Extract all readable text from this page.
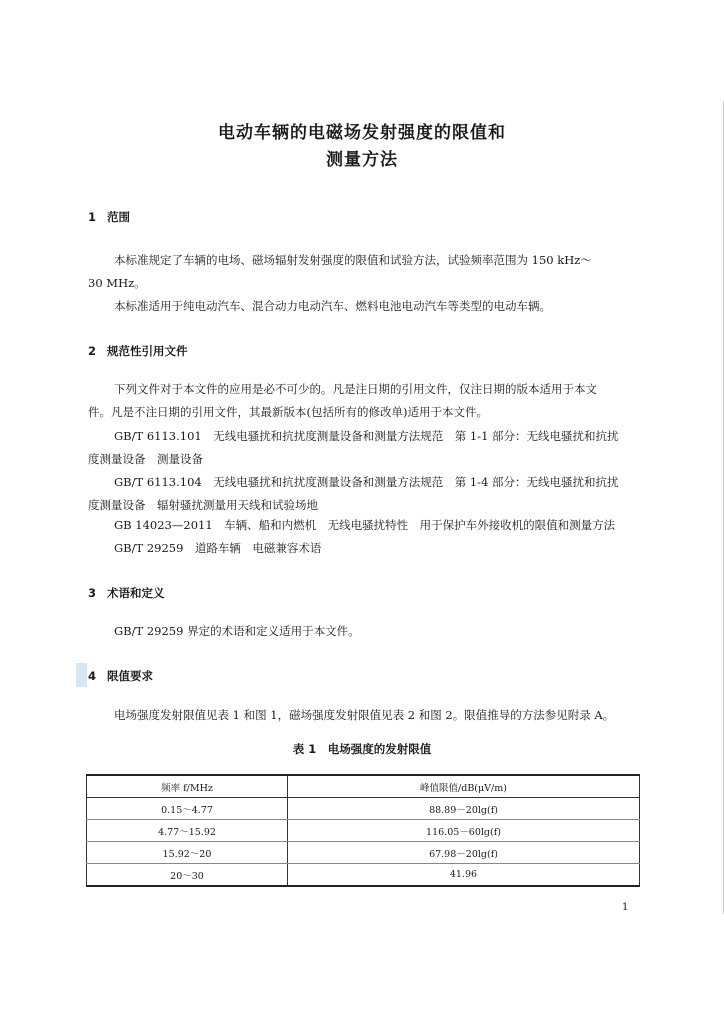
电动车辆的电磁场发射强度的限值和
测量方法
1 范围
本标准规定了车辆的电场、磁场辐射发射强度的限值和试验方法，试验频率范围为 150 kHz～
30 MHz。
本标准适用于纯电动汽车、混合动力电动汽车、燃料电池电动汽车等类型的电动车辆。
2 规范性引用文件
下列文件对于本文件的应用是必不可少的。凡是注日期的引用文件，仅注日期的版本适用于本文
件。凡是不注日期的引用文件，其最新版本(包括所有的修改单)适用于本文件。
GB/T 6113.101　无线电骚扰和抗扰度测量设备和测量方法规范　第 1-1 部分：无线电骚扰和抗扰
度测量设备　测量设备
GB/T 6113.104　无线电骚扰和抗扰度测量设备和测量方法规范　第 1-4 部分：无线电骚扰和抗扰
度测量设备　辐射骚扰测量用天线和试验场地
GB 14023—2011　车辆、船和内燃机　无线电骚扰特性　用于保护车外接收机的限值和测量方法
GB/T 29259　道路车辆　电磁兼容术语
3 术语和定义
GB/T 29259 界定的术语和定义适用于本文件。
4 限值要求
电场强度发射限值见表 1 和图 1，磁场强度发射限值见表 2 和图 2。限值推导的方法参见附录 A。
表 1　电场强度的发射限值
频率 f/MHz	峰值限值/dB(μV/m)
0.15～4.77	88.89－20lg(f)
4.77～15.92	116.05－60lg(f)
15.92～20	67.98－20lg(f)
20～30	41.96
1
